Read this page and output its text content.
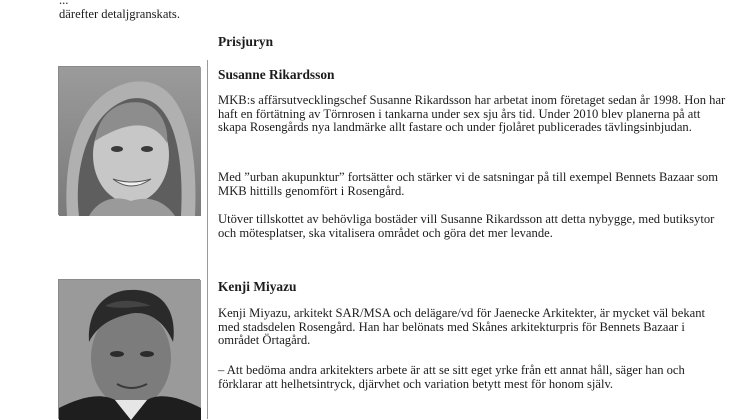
...
därefter detaljgranskats.
Prisjuryn
Susanne Rikardsson

MKB:s affärsutvecklingschef Susanne Rikardsson har arbetat inom företaget sedan år 1998. Hon har haft en förtätning av Törnrosen i tankarna under sex sju års tid. Under 2010 blev planerna på att skapa Rosengårds nya landmärke allt fastare och under fjolåret publicerades tävlingsinbjudan.

Med ”urban akupunktur” fortsätter och stärker vi de satsningar på till exempel Bennets Bazaar som MKB hittills genomfört i Rosengård.

Utöver tillskottet av behövliga bostäder vill Susanne Rikardsson att detta nybygge, med butiksytor och mötesplatser, ska vitalisera området och göra det mer levande.

Kenji Miyazu

Kenji Miyazu, arkitekt SAR/MSA och delägare/vd för Jaenecke Arkitekter, är mycket väl bekant med stadsdelen Rosengård. Han har belönats med Skånes arkitekturpris för Bennets Bazaar i området Örtagård.

– Att bedöma andra arkitekters arbete är att se sitt eget yrke från ett annat håll, säger han och förklarar att helhetsintryck, djärvhet och variation betytt mest för honom själv.
